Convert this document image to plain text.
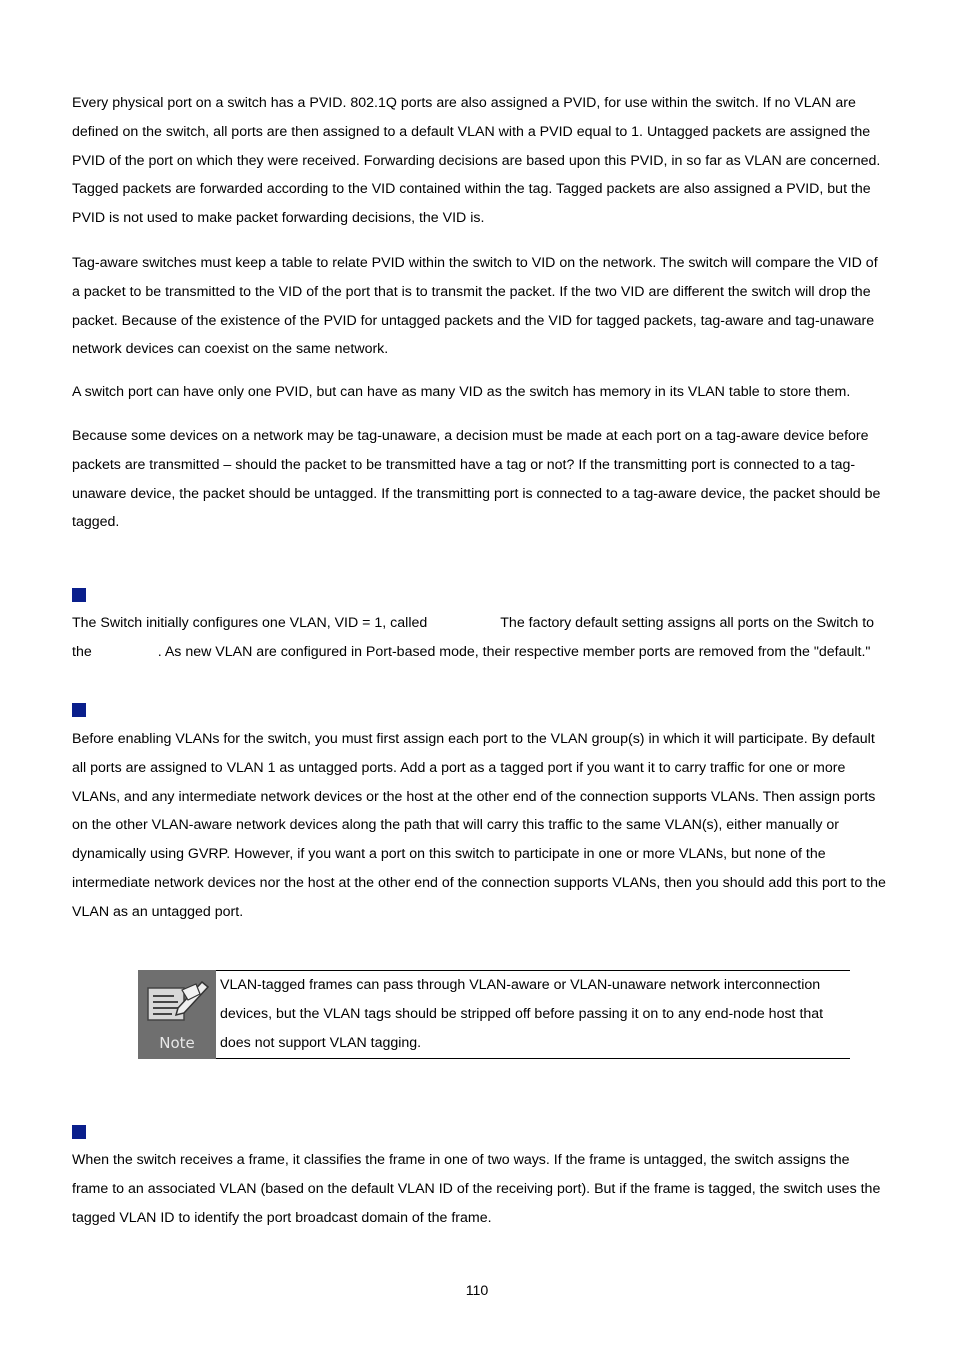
Every physical port on a switch has a PVID. 802.1Q ports are also assigned a PVID, for use within the switch. If no VLAN are defined on the switch, all ports are then assigned to a default VLAN with a PVID equal to 1. Untagged packets are assigned the PVID of the port on which they were received. Forwarding decisions are based upon this PVID, in so far as VLAN are concerned. Tagged packets are forwarded according to the VID contained within the tag. Tagged packets are also assigned a PVID, but the PVID is not used to make packet forwarding decisions, the VID is.

Tag-aware switches must keep a table to relate PVID within the switch to VID on the network. The switch will compare the VID of a packet to be transmitted to the VID of the port that is to transmit the packet. If the two VID are different the switch will drop the packet. Because of the existence of the PVID for untagged packets and the VID for tagged packets, tag-aware and tag-unaware network devices can coexist on the same network.

A switch port can have only one PVID, but can have as many VID as the switch has memory in its VLAN table to store them.

Because some devices on a network may be tag-unaware, a decision must be made at each port on a tag-aware device before packets are transmitted – should the packet to be transmitted have a tag or not? If the transmitting port is connected to a tag-unaware device, the packet should be untagged. If the transmitting port is connected to a tag-aware device, the packet should be tagged.

The Switch initially configures one VLAN, VID = 1, called	The factory default setting assigns all ports on the Switch to the	. As new VLAN are configured in Port-based mode, their respective member ports are removed from the "default."

Before enabling VLANs for the switch, you must first assign each port to the VLAN group(s) in which it will participate. By default all ports are assigned to VLAN 1 as untagged ports. Add a port as a tagged port if you want it to carry traffic for one or more VLANs, and any intermediate network devices or the host at the other end of the connection supports VLANs. Then assign ports on the other VLAN-aware network devices along the path that will carry this traffic to the same VLAN(s), either manually or dynamically using GVRP. However, if you want a port on this switch to participate in one or more VLANs, but none of the intermediate network devices nor the host at the other end of the connection supports VLANs, then you should add this port to the VLAN as an untagged port.

Note

VLAN-tagged frames can pass through VLAN-aware or VLAN-unaware network interconnection devices, but the VLAN tags should be stripped off before passing it on to any end-node host that does not support VLAN tagging.

When the switch receives a frame, it classifies the frame in one of two ways. If the frame is untagged, the switch assigns the frame to an associated VLAN (based on the default VLAN ID of the receiving port). But if the frame is tagged, the switch uses the tagged VLAN ID to identify the port broadcast domain of the frame.

110
